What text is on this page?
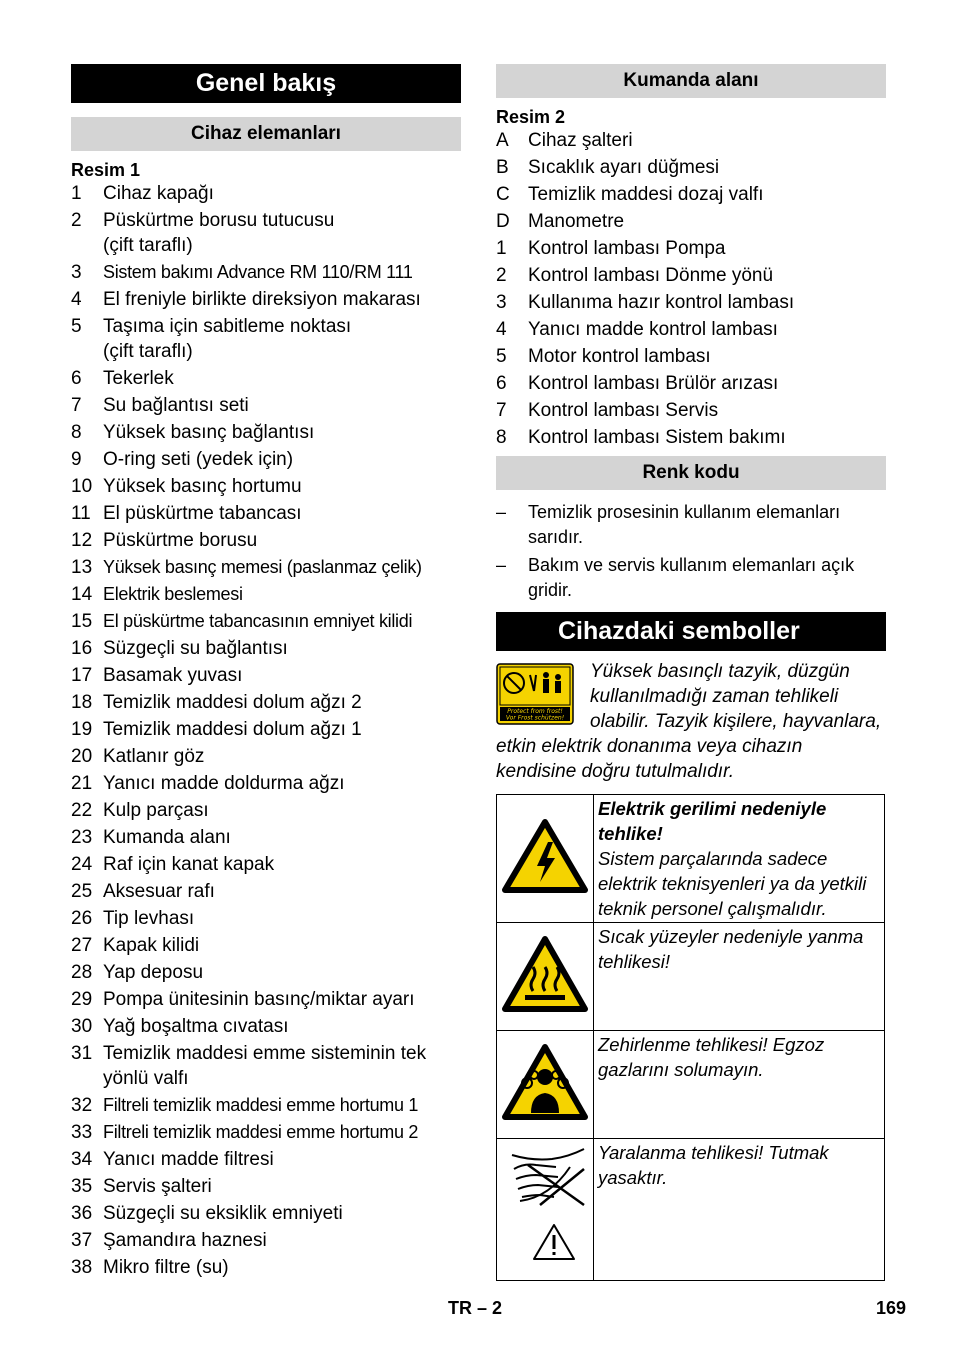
Genel bakış
Cihaz elemanları
Resim 1
1	Cihaz kapağı
2	Püskürtme borusu tutucusu
(çift taraflı)
3	Sistem bakımı Advance RM 110/RM 111
4	El freniyle birlikte direksiyon makarası
5	Taşıma için sabitleme noktası
(çift taraflı)
6	Tekerlek
7	Su bağlantısı seti
8	Yüksek basınç bağlantısı
9	O-ring seti (yedek için)
10 Yüksek basınç hortumu
11 El püskürtme tabancası
12 Püskürtme borusu
13 Yüksek basınç memesi (paslanmaz çelik)
14 Elektrik beslemesi
15 El püskürtme tabancasının emniyet kilidi
16 Süzgeçli su bağlantısı
17 Basamak yuvası
18 Temizlik maddesi dolum ağzı 2
19 Temizlik maddesi dolum ağzı 1
20 Katlanır göz
21 Yanıcı madde doldurma ağzı
22 Kulp parçası
23 Kumanda alanı
24 Raf için kanat kapak
25 Aksesuar rafı
26 Tip levhası
27 Kapak kilidi
28 Yap deposu
29 Pompa ünitesinin basınç/miktar ayarı
30 Yağ boşaltma cıvatası
31 Temizlik maddesi emme sisteminin tek
yönlü valfı
32 Filtreli temizlik maddesi emme hortumu 1
33 Filtreli temizlik maddesi emme hortumu 2
34 Yanıcı madde filtresi
35 Servis şalteri
36 Süzgeçli su eksiklik emniyeti
37 Şamandıra haznesi
38 Mikro filtre (su)
Kumanda alanı
Resim 2
A	Cihaz şalteri
B	Sıcaklık ayarı düğmesi
C Temizlik maddesi dozaj valfı
D Manometre
1	Kontrol lambası Pompa
2	Kontrol lambası Dönme yönü
3	Kullanıma hazır kontrol lambası
4	Yanıcı madde kontrol lambası
5	Motor kontrol lambası
6	Kontrol lambası Brülör arızası
7	Kontrol lambası Servis
8	Kontrol lambası Sistem bakımı
Renk kodu
–	Temizlik prosesinin kullanım elemanları sarıdır.
–	Bakım ve servis kullanım elemanları açık gridir.
Cihazdaki semboller
Protect from frost!
Vor Frost schützen!
Yüksek basınçlı tazyik, düzgün kullanılmadığı zaman tehlikeli olabilir. Tazyik kişilere, hayvanlara, etkin elektrik donanıma veya cihazın kendisine doğru tutulmalıdır.

Elektrik gerilimi nedeniyle tehlike!
Sistem parçalarında sadece elektrik teknisyenleri ya da yetkili teknik personel çalışmalıdır.

	Sıcak yüzeyler nedeniyle yanma tehlikesi!
	Zehirlenme tehlikesi! Egzoz gazlarını solumayın.
	Yaralanma tehlikesi! Tutmak yasaktır.
TR – 2	169
